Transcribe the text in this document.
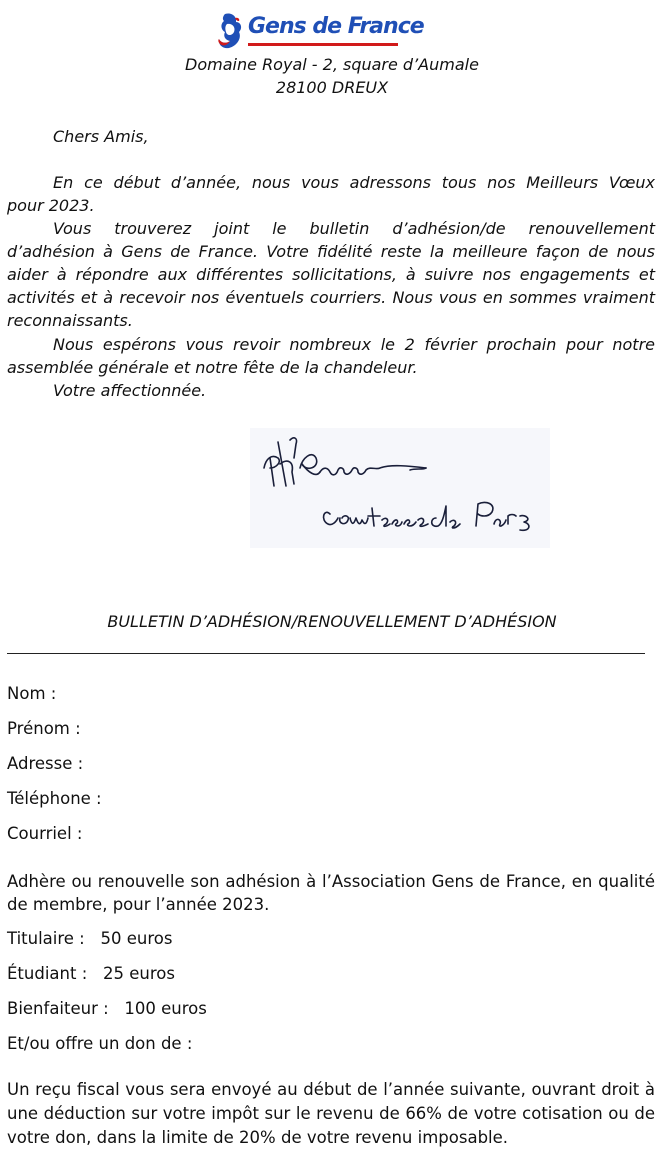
Gens de France
Domaine Royal - 2, square d’Aumale
28100 DREUX
Chers Amis,
En ce début d’année, nous vous adressons tous nos Meilleurs Vœux
pour 2023.
Vous trouverez joint le bulletin d’adhésion/de renouvellement
d’adhésion à Gens de France. Votre fidélité reste la meilleure façon de nous
aider à répondre aux différentes sollicitations, à suivre nos engagements et
activités et à recevoir nos éventuels courriers. Nous vous en sommes vraiment
reconnaissants.
Nous espérons vous revoir nombreux le 2 février prochain pour notre
assemblée générale et notre fête de la chandeleur.
Votre affectionnée.
BULLETIN D’ADHÉSION/RENOUVELLEMENT D’ADHÉSION
Nom :
Prénom :
Adresse :
Téléphone :
Courriel :
Adhère ou renouvelle son adhésion à l’Association Gens de France, en qualité
de membre, pour l’année 2023.
Titulaire :   50 euros
Étudiant :   25 euros
Bienfaiteur :   100 euros
Et/ou offre un don de :
Un reçu fiscal vous sera envoyé au début de l’année suivante, ouvrant droit à
une déduction sur votre impôt sur le revenu de 66% de votre cotisation ou de
votre don, dans la limite de 20% de votre revenu imposable.
